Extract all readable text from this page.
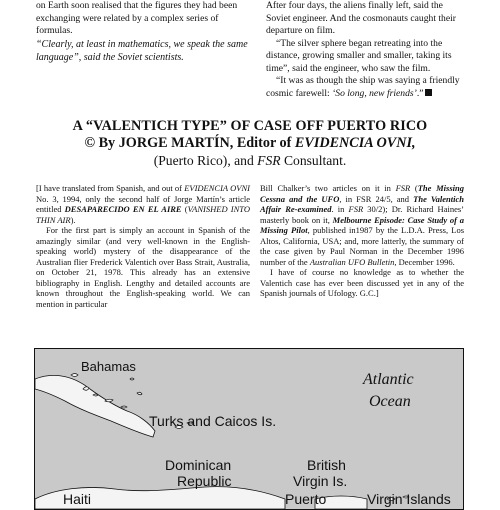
on Earth soon realised that the figures they had been exchanging were related by a complex series of formulas.

“Clearly, at least in mathematics, we speak the same language”, said the Soviet scientists.

After four days, the aliens finally left, said the Soviet engineer. And the cosmonauts caught their departure on film.

“The silver sphere began retreating into the distance, growing smaller and smaller, taking its time”, said the engineer, who saw the film.

“It was as though the ship was saying a friendly cosmic farewell: ‘So long, new friends’.”

A “VALENTICH TYPE” OF CASE OFF PUERTO RICO
© By JORGE MARTÍN, Editor of EVIDENCIA OVNI,
(Puerto Rico), and FSR Consultant.

[I have translated from Spanish, and out of EVIDENCIA OVNI No. 3, 1994, only the second half of Jorge Martín’s article entitled DESAPARECIDO EN EL AIRE (VANISHED INTO THIN AIR).

For the first part is simply an account in Spanish of the amazingly similar (and very well-known in the English-speaking world) mystery of the disappearance of the Australian flier Frederick Valentich over Bass Strait, Australia, on October 21, 1978. This already has an extensive bibliography in English. Lengthy and detailed accounts are known throughout the English-speaking world. We can mention in particular

Bill Chalker’s two articles on it in FSR (The Missing Cessna and the UFO, in FSR 24/5, and The Valentich Affair Re-examined. in FSR 30/2); Dr. Richard Haines’ masterly book on it, Melbourne Episode: Case Study of a Missing Pilot, published in1987 by the L.D.A. Press, Los Altos, California, USA; and, more latterly, the summary of the case given by Paul Norman in the December 1996 number of the Australian UFO Bulletin, December 1996.

I have of course no knowledge as to whether the Valentich case has ever been discussed yet in any of the Spanish journals of Ufology. G.C.]

Bahamas
Atlantic
Ocean
Turks and Caicos Is.
Dominican
Republic
British
Virgin Is.
Haiti	Puerto	Virgin Islands
